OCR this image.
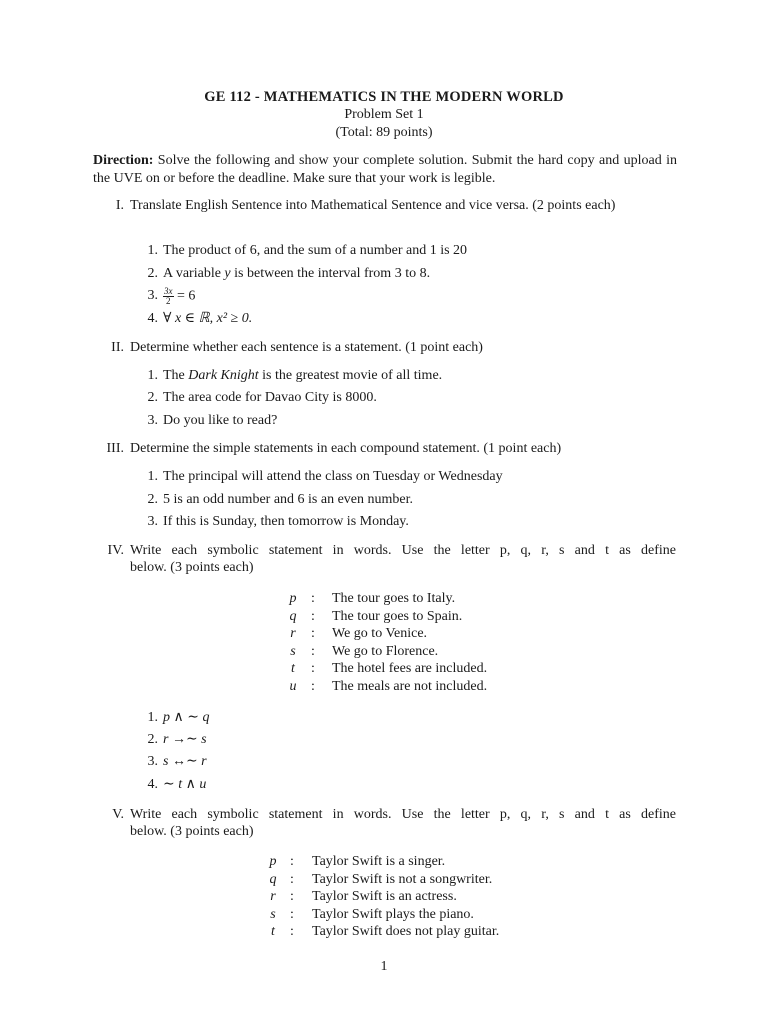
GE 112 - MATHEMATICS IN THE MODERN WORLD
Problem Set 1
(Total: 89 points)
Direction: Solve the following and show your complete solution. Submit the hard copy and upload in the UVE on or before the deadline. Make sure that your work is legible.
I. Translate English Sentence into Mathematical Sentence and vice versa. (2 points each)
1. The product of 6, and the sum of a number and 1 is 20
2. A variable y is between the interval from 3 to 8.
3. $\frac{3x}{2} = 6$
4. ∀ x ∈ ℝ, x² ≥ 0.
II. Determine whether each sentence is a statement. (1 point each)
1. The Dark Knight is the greatest movie of all time.
2. The area code for Davao City is 8000.
3. Do you like to read?
III. Determine the simple statements in each compound statement. (1 point each)
1. The principal will attend the class on Tuesday or Wednesday
2. 5 is an odd number and 6 is an even number.
3. If this is Sunday, then tomorrow is Monday.
IV. Write each symbolic statement in words. Use the letter p, q, r, s and t as define
below. (3 points each)
p	: The tour goes to Italy.
q	: The tour goes to Spain.
r	: We go to Venice.
s	: We go to Florence.
t	: The hotel fees are included.
u	: The meals are not included.
1. p ∧ ∼ q
2. r →∼ s
3. s ↔∼ r
4. ∼ t ∧ u
V. Write each symbolic statement in words. Use the letter p, q, r, s and t as define
below. (3 points each)
p : Taylor Swift is a singer.
q : Taylor Swift is not a songwriter.
r	: Taylor Swift is an actress.
s	: Taylor Swift plays the piano.
t	: Taylor Swift does not play guitar.
1
